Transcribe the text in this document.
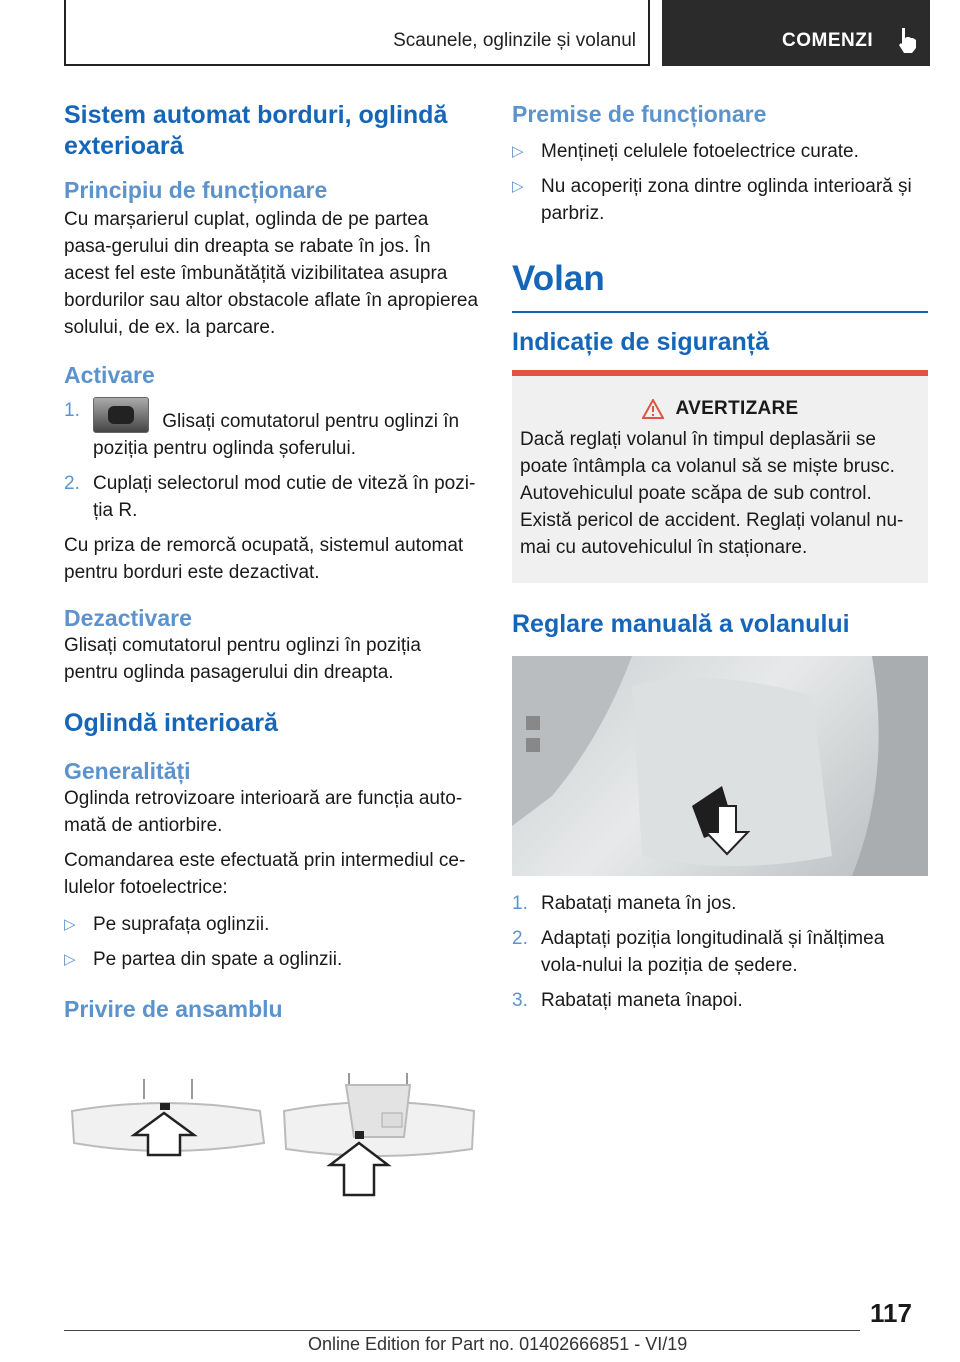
Scaunele, oglinzile și volanul	COMENZI
Sistem automat borduri, oglindă exterioară
Principiu de funcționare

Cu marșarierul cuplat, oglinda de pe partea pasa-gerului din dreapta se rabate în jos. În acest fel este îmbunătățită vizibilitatea asupra bordurilor sau altor obstacole aflate în apropierea solului, de ex. la parcare.

Activare
1.
Glisați comutatorul pentru oglinzi în poziția pentru oglinda șoferului.
2. Cuplați selectorul mod cutie de viteză în pozi-ția R.

Cu priza de remorcă ocupată, sistemul automat pentru borduri este dezactivat.

Dezactivare

Glisați comutatorul pentru oglinzi în poziția pentru oglinda pasagerului din dreapta.

Oglindă interioară
Generalități

Oglinda retrovizoare interioară are funcția auto-mată de antiorbire.

Comandarea este efectuată prin intermediul ce-lulelor fotoelectrice:

▷ Pe suprafața oglinzii.
▷ Pe partea din spate a oglinzii.
Privire de ansamblu
Premise de funcționare
▷ Mențineți celulele fotoelectrice curate.
▷ Nu acoperiți zona dintre oglinda interioară și parbriz.
Volan
Indicație de siguranță
AVERTIZARE

Dacă reglați volanul în timpul deplasării se poate întâmpla ca volanul să se miște brusc. Autovehiculul poate scăpa de sub control. Există pericol de accident. Reglați volanul nu-mai cu autovehiculul în staționare.

Reglare manuală a volanului
1. Rabatați maneta în jos.
2. Adaptați poziția longitudinală și înălțimea vola-nului la poziția de ședere.
3. Rabatați maneta înapoi.
117
Online Edition for Part no. 01402666851 - VI/19
